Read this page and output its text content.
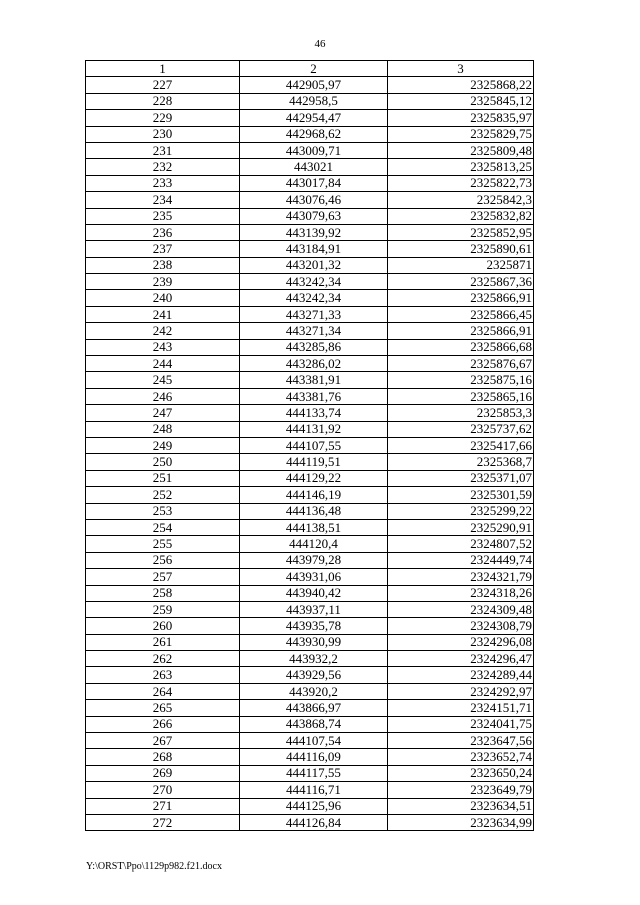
46
1	2	3
227	442905,97	2325868,22
228	442958,5	2325845,12
229	442954,47	2325835,97
230	442968,62	2325829,75
231	443009,71	2325809,48
232	443021	2325813,25
233	443017,84	2325822,73
234	443076,46	2325842,3
235	443079,63	2325832,82
236	443139,92	2325852,95
237	443184,91	2325890,61
238	443201,32	2325871
239	443242,34	2325867,36
240	443242,34	2325866,91
241	443271,33	2325866,45
242	443271,34	2325866,91
243	443285,86	2325866,68
244	443286,02	2325876,67
245	443381,91	2325875,16
246	443381,76	2325865,16
247	444133,74	2325853,3
248	444131,92	2325737,62
249	444107,55	2325417,66
250	444119,51	2325368,7
251	444129,22	2325371,07
252	444146,19	2325301,59
253	444136,48	2325299,22
254	444138,51	2325290,91
255	444120,4	2324807,52
256	443979,28	2324449,74
257	443931,06	2324321,79
258	443940,42	2324318,26
259	443937,11	2324309,48
260	443935,78	2324308,79
261	443930,99	2324296,08
262	443932,2	2324296,47
263	443929,56	2324289,44
264	443920,2	2324292,97
265	443866,97	2324151,71
266	443868,74	2324041,75
267	444107,54	2323647,56
268	444116,09	2323652,74
269	444117,55	2323650,24
270	444116,71	2323649,79
271	444125,96	2323634,51
272	444126,84	2323634,99
Y:\ORST\Ppo\1129p982.f21.docx
